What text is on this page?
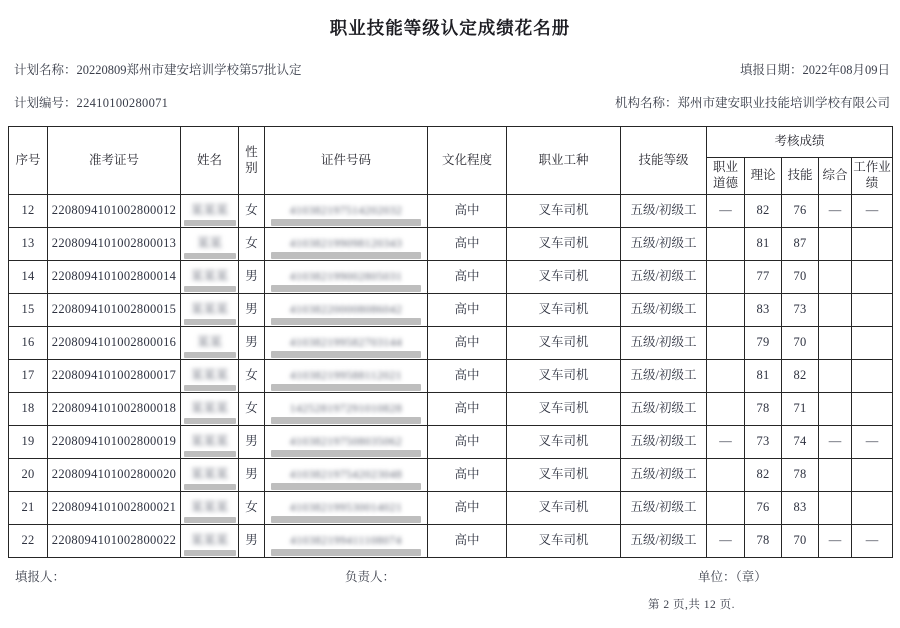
职业技能等级认定成绩花名册
计划名称：20220809郑州市建安培训学校第57批认定	填报日期：2022年08月09日
计划编号：22410100280071	机构名称：郑州市建安职业技能培训学校有限公司
序号	准考证号	姓名	性别	证件号码	文化程度	职业工种	技能等级	考核成绩				
								职业道德	理论	技能	综合	工作业绩
12	2208094101002800012	某某某	女	410382197514202032	高中	叉车司机	五级/初级工	—	82	76	—	—
13	2208094101002800013	某某	女	410382199098120343	高中	叉车司机	五级/初级工		81	87		
14	2208094101002800014	某某某	男	410382199002805031	高中	叉车司机	五级/初级工		77	70		
15	2208094101002800015	某某某	男	410382200008086042	高中	叉车司机	五级/初级工		83	73		
16	2208094101002800016	某某	男	410382199582703144	高中	叉车司机	五级/初级工		79	70		
17	2208094101002800017	某某某	女	410382199588112021	高中	叉车司机	五级/初级工		81	82		
18	2208094101002800018	某某某	女	142528197291010828	高中	叉车司机	五级/初级工		78	71		
19	2208094101002800019	某某某	男	410382197508035062	高中	叉车司机	五级/初级工	—	73	74	—	—
20	2208094101002800020	某某某	男	410382197542023048	高中	叉车司机	五级/初级工		82	78		
21	2208094101002800021	某某某	女	410382199530014021	高中	叉车司机	五级/初级工		76	83		
22	2208094101002800022	某某某	男	410382199411108074	高中	叉车司机	五级/初级工	—	78	70	—	—
填报人：	负责人：	单位：（章）
第 2 页,共 12 页.
